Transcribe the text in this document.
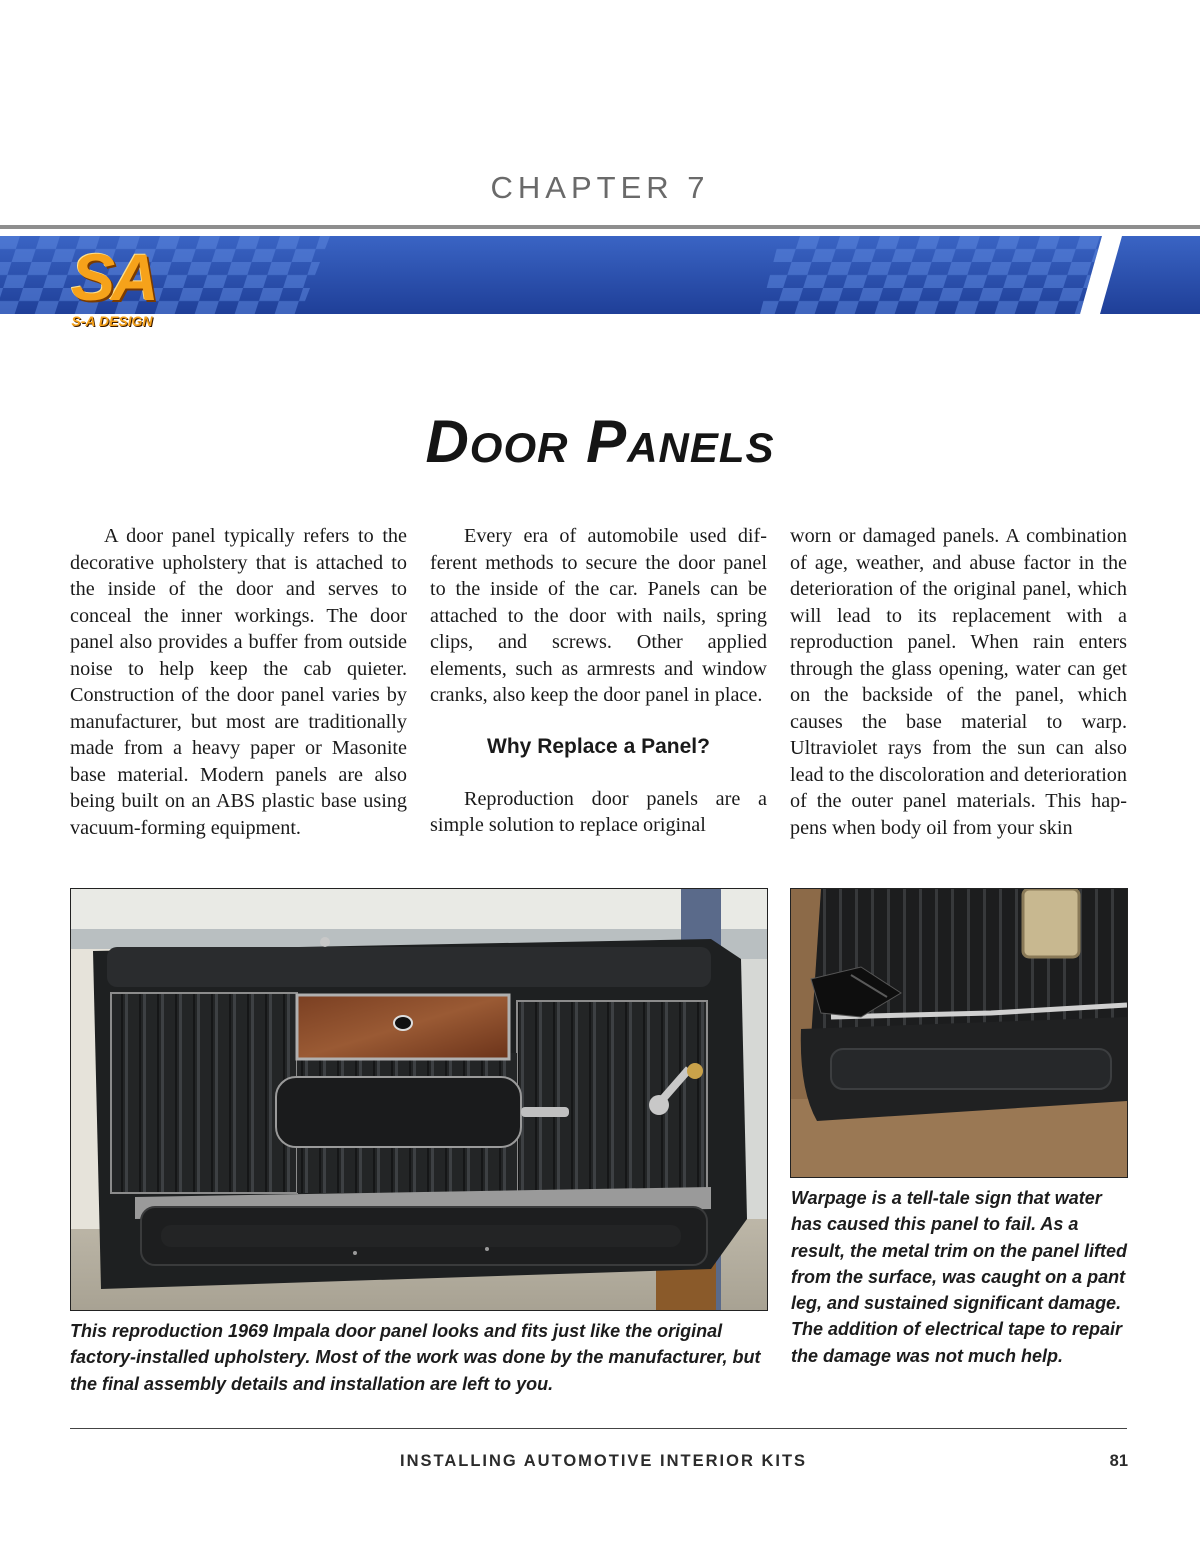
CHAPTER 7
SA
S-A DESIGN
Door Panels

A door panel typically refers to the decorative upholstery that is attached to the inside of the door and serves to conceal the inner workings. The door panel also provides a buffer from outside noise to help keep the cab quieter. Construction of the door panel varies by manufacturer, but most are traditionally made from a heavy paper or Masonite base material. Modern panels are also being built on an ABS plastic base using vacuum-forming equipment.

Every era of automobile used different methods to secure the door panel to the inside of the car. Panels can be attached to the door with nails, spring clips, and screws. Other applied elements, such as armrests and window cranks, also keep the door panel in place.

Why Replace a Panel?

Reproduction door panels are a simple solution to replace original

worn or damaged panels. A combination of age, weather, and abuse factor in the deterioration of the original panel, which will lead to its replacement with a reproduction panel. When rain enters through the glass opening, water can get on the backside of the panel, which causes the base material to warp. Ultraviolet rays from the sun can also lead to the discoloration and deterioration of the outer panel materials. This happens when body oil from your skin

This reproduction 1969 Impala door panel looks and fits just like the original factory-installed upholstery. Most of the work was done by the manufacturer, but the final assembly details and installation are left to you.
Warpage is a tell-tale sign that water has caused this panel to fail. As a result, the metal trim on the panel lifted from the surface, was caught on a pant leg, and sustained significant damage. The addition of electrical tape to repair the damage was not much help.
INSTALLING AUTOMOTIVE INTERIOR KITS	81
